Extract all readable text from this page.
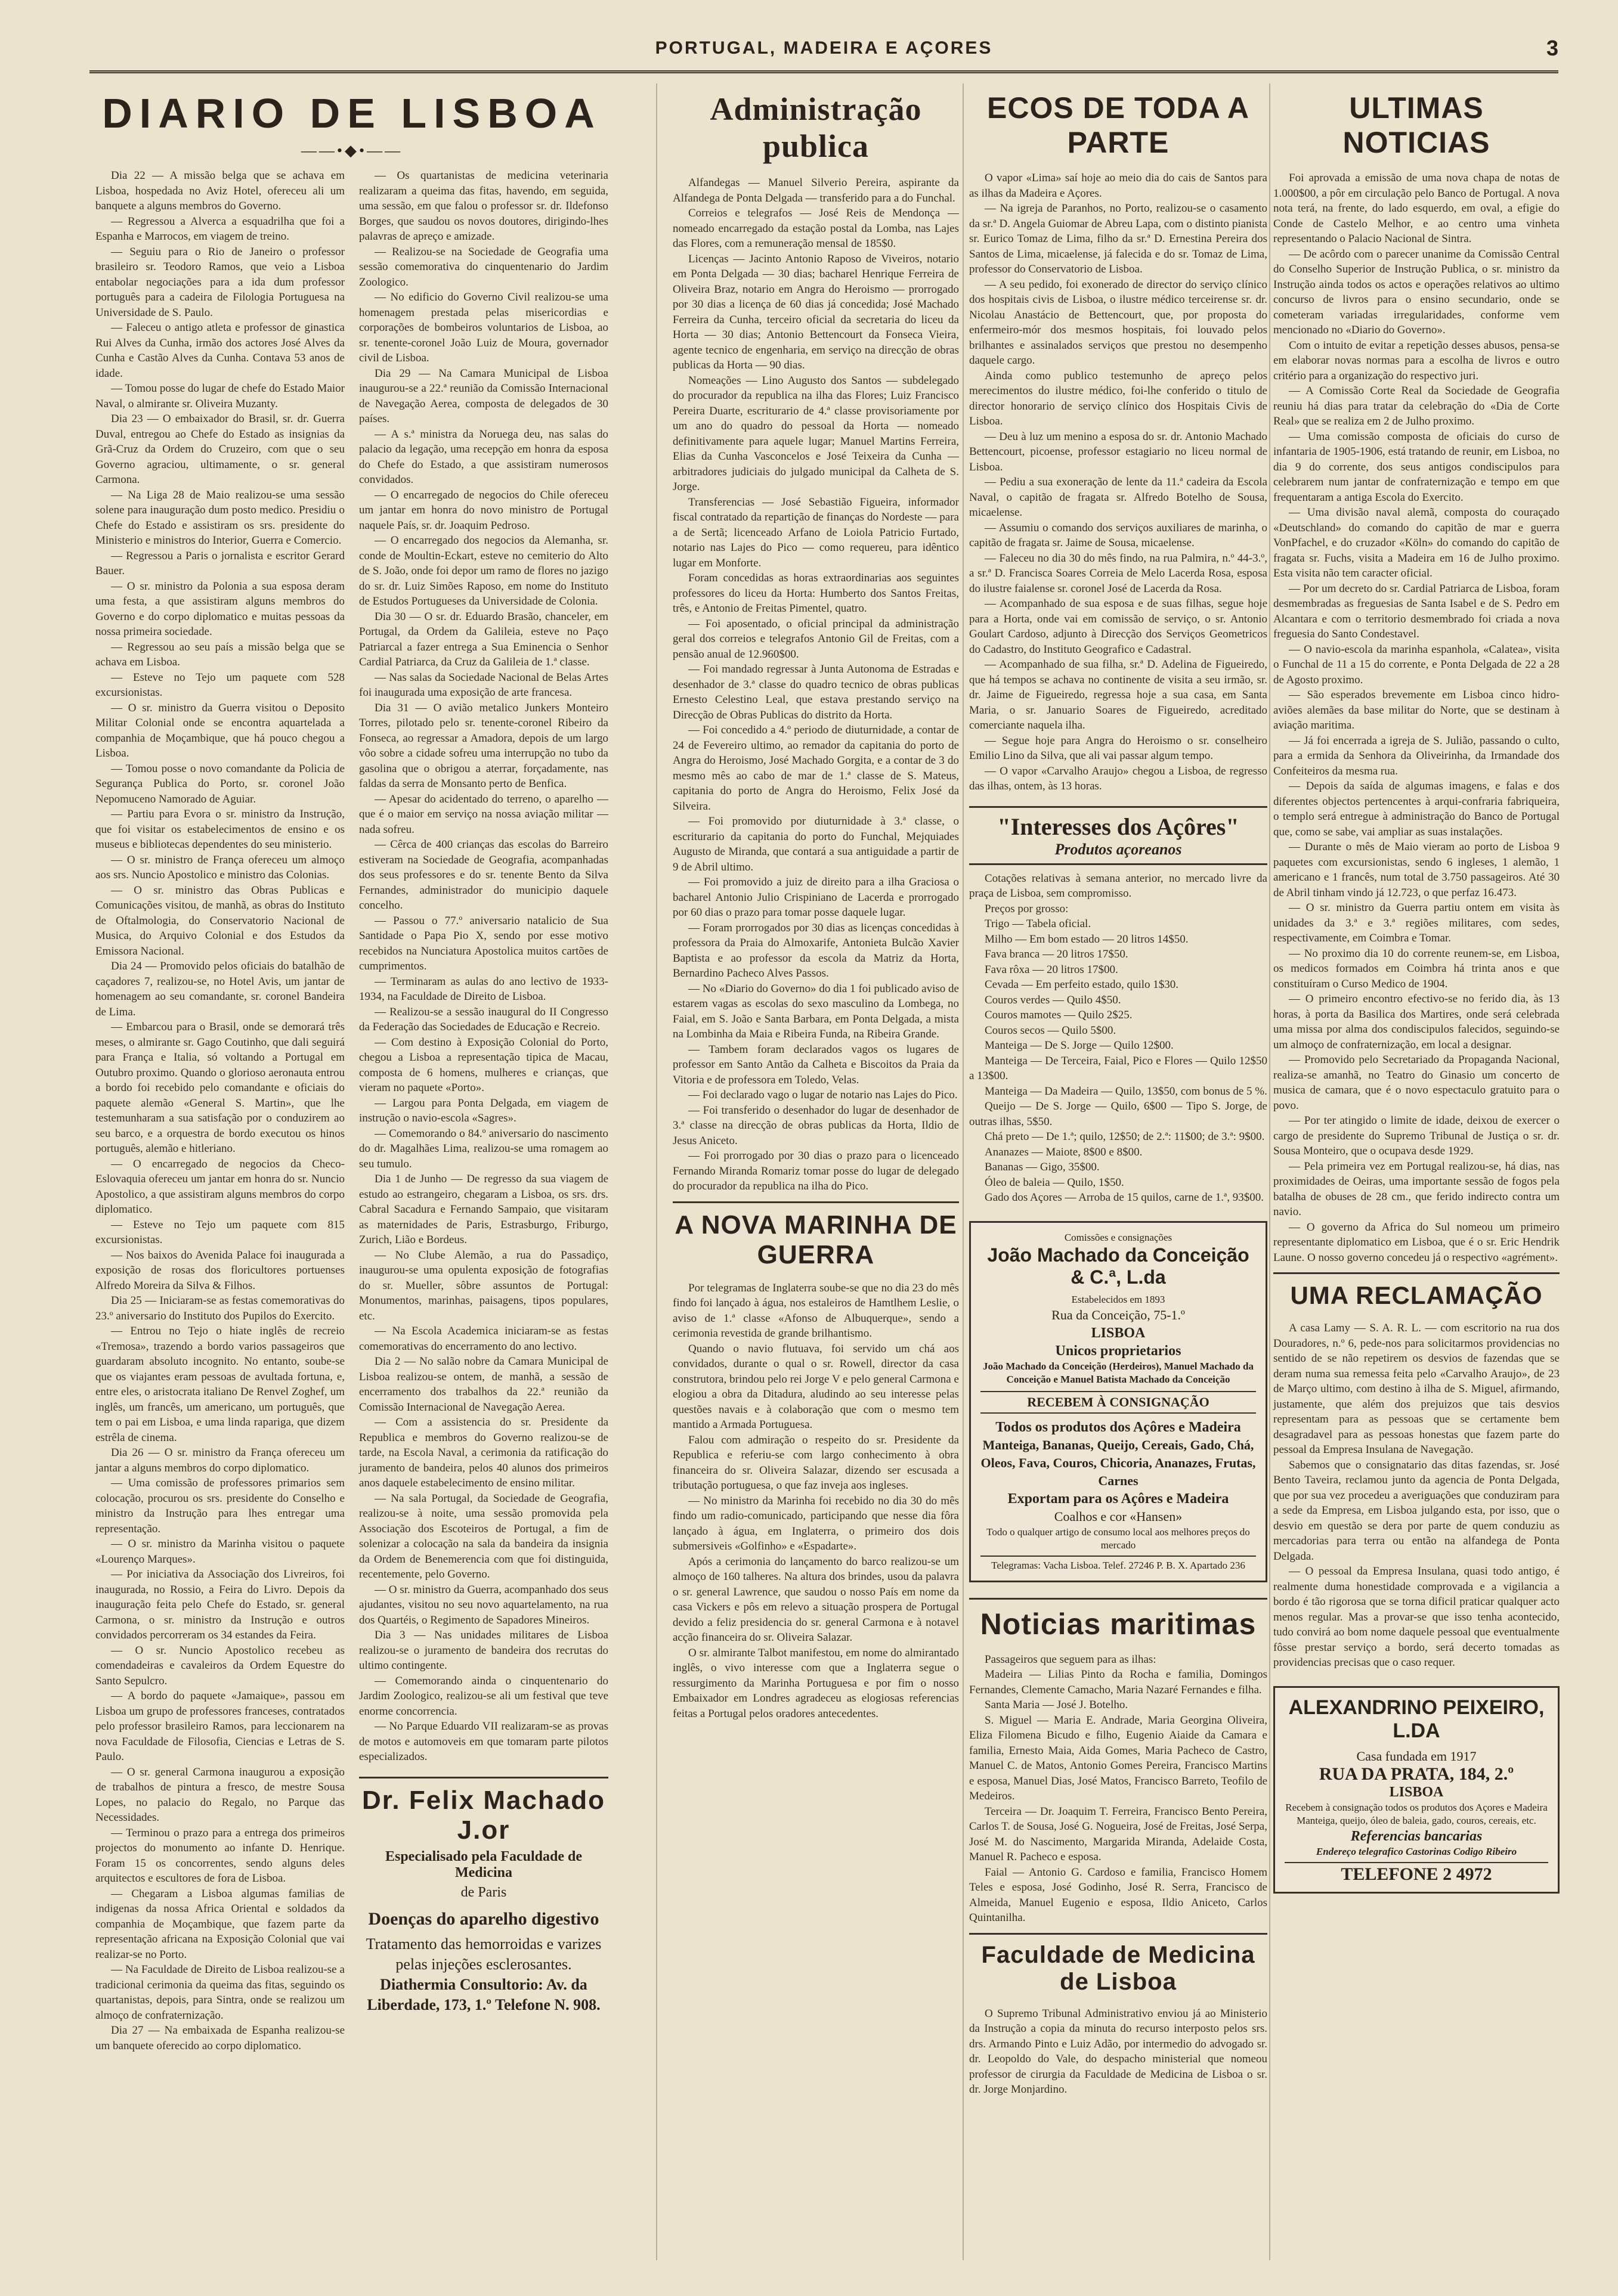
PORTUGAL, MADEIRA E AÇORES	3
DIARIO DE LISBOA
——•◆•——

Dia 22 — A missão belga que se achava em Lisboa, hospedada no Aviz Hotel, ofereceu ali um banquete a alguns membros do Governo.

— Regressou a Alverca a esquadrilha que foi a Espanha e Marrocos, em viagem de treino.

— Seguiu para o Rio de Janeiro o professor brasileiro sr. Teodoro Ramos, que veio a Lisboa entabolar negociações para a ida dum professor português para a cadeira de Filologia Portuguesa na Universidade de S. Paulo.

— Faleceu o antigo atleta e professor de ginastica Rui Alves da Cunha, irmão dos actores José Alves da Cunha e Castão Alves da Cunha. Contava 53 anos de idade.

— Tomou posse do lugar de chefe do Estado Maior Naval, o almirante sr. Oliveira Muzanty.

Dia 23 — O embaixador do Brasil, sr. dr. Guerra Duval, entregou ao Chefe do Estado as insignias da Grã-Cruz da Ordem do Cruzeiro, com que o seu Governo agraciou, ultimamente, o sr. general Carmona.

— Na Liga 28 de Maio realizou-se uma sessão solene para inauguração dum posto medico. Presidiu o Chefe do Estado e assistiram os srs. presidente do Ministerio e ministros do Interior, Guerra e Comercio.

— Regressou a Paris o jornalista e escritor Gerard Bauer.

— O sr. ministro da Polonia a sua esposa deram uma festa, a que assistiram alguns membros do Governo e do corpo diplomatico e muitas pessoas da nossa primeira sociedade.

— Regressou ao seu país a missão belga que se achava em Lisboa.

— Esteve no Tejo um paquete com 528 excursionistas.

— O sr. ministro da Guerra visitou o Deposito Militar Colonial onde se encontra aquartelada a companhia de Moçambique, que há pouco chegou a Lisboa.

— Tomou posse o novo comandante da Policia de Segurança Publica do Porto, sr. coronel João Nepomuceno Namorado de Aguiar.

— Partiu para Evora o sr. ministro da Instrução, que foi visitar os estabelecimentos de ensino e os museus e bibliotecas dependentes do seu ministerio.

— O sr. ministro de França ofereceu um almoço aos srs. Nuncio Apostolico e ministro das Colonias.

— O sr. ministro das Obras Publicas e Comunicações visitou, de manhã, as obras do Instituto de Oftalmologia, do Conservatorio Nacional de Musica, do Arquivo Colonial e dos Estudos da Emissora Nacional.

Dia 24 — Promovido pelos oficiais do batalhão de caçadores 7, realizou-se, no Hotel Avis, um jantar de homenagem ao seu comandante, sr. coronel Bandeira de Lima.

— Embarcou para o Brasil, onde se demorará três meses, o almirante sr. Gago Coutinho, que dali seguirá para França e Italia, só voltando a Portugal em Outubro proximo. Quando o glorioso aeronauta entrou a bordo foi recebido pelo comandante e oficiais do paquete alemão «General S. Martin», que lhe testemunharam a sua satisfação por o conduzirem ao seu barco, e a orquestra de bordo executou os hinos português, alemão e hitleriano.

— O encarregado de negocios da Checo-Eslovaquia ofereceu um jantar em honra do sr. Nuncio Apostolico, a que assistiram alguns membros do corpo diplomatico.

— Esteve no Tejo um paquete com 815 excursionistas.

— Nos baixos do Avenida Palace foi inaugurada a exposição de rosas dos floricultores portuenses Alfredo Moreira da Silva & Filhos.

Dia 25 — Iniciaram-se as festas comemorativas do 23.º aniversario do Instituto dos Pupilos do Exercito.

— Entrou no Tejo o hiate inglês de recreio «Tremosa», trazendo a bordo varios passageiros que guardaram absoluto incognito. No entanto, soube-se que os viajantes eram pessoas de avultada fortuna, e, entre eles, o aristocrata italiano De Renvel Zoghef, um inglês, um francês, um americano, um português, que tem o pai em Lisboa, e uma linda rapariga, que dizem estrêla de cinema.

Dia 26 — O sr. ministro da França ofereceu um jantar a alguns membros do corpo diplomatico.

— Uma comissão de professores primarios sem colocação, procurou os srs. presidente do Conselho e ministro da Instrução para lhes entregar uma representação.

— O sr. ministro da Marinha visitou o paquete «Lourenço Marques».

— Por iniciativa da Associação dos Livreiros, foi inaugurada, no Rossio, a Feira do Livro. Depois da inauguração feita pelo Chefe do Estado, sr. general Carmona, o sr. ministro da Instrução e outros convidados percorreram os 34 estandes da Feira.

— O sr. Nuncio Apostolico recebeu as comendadeiras e cavaleiros da Ordem Equestre do Santo Sepulcro.

— A bordo do paquete «Jamaique», passou em Lisboa um grupo de professores franceses, contratados pelo professor brasileiro Ramos, para leccionarem na nova Faculdade de Filosofia, Ciencias e Letras de S. Paulo.

— O sr. general Carmona inaugurou a exposição de trabalhos de pintura a fresco, de mestre Sousa Lopes, no palacio do Regalo, no Parque das Necessidades.

— Terminou o prazo para a entrega dos primeiros projectos do monumento ao infante D. Henrique. Foram 15 os concorrentes, sendo alguns deles arquitectos e escultores de fora de Lisboa.

— Chegaram a Lisboa algumas familias de indigenas da nossa Africa Oriental e soldados da companhia de Moçambique, que fazem parte da representação africana na Exposição Colonial que vai realizar-se no Porto.

— Na Faculdade de Direito de Lisboa realizou-se a tradicional cerimonia da queima das fitas, seguindo os quartanistas, depois, para Sintra, onde se realizou um almoço de confraternização.

Dia 27 — Na embaixada de Espanha realizou-se um banquete oferecido ao corpo diplomatico.

— Os quartanistas de medicina veterinaria realizaram a queima das fitas, havendo, em seguida, uma sessão, em que falou o professor sr. dr. Ildefonso Borges, que saudou os novos doutores, dirigindo-lhes palavras de apreço e amizade.

— Realizou-se na Sociedade de Geografia uma sessão comemorativa do cinquentenario do Jardim Zoologico.

— No edificio do Governo Civil realizou-se uma homenagem prestada pelas misericordias e corporações de bombeiros voluntarios de Lisboa, ao sr. tenente-coronel João Luiz de Moura, governador civil de Lisboa.

Dia 29 — Na Camara Municipal de Lisboa inaugurou-se a 22.ª reunião da Comissão Internacional de Navegação Aerea, composta de delegados de 30 países.

— A s.ª ministra da Noruega deu, nas salas do palacio da legação, uma recepção em honra da esposa do Chefe do Estado, a que assistiram numerosos convidados.

— O encarregado de negocios do Chile ofereceu um jantar em honra do novo ministro de Portugal naquele País, sr. dr. Joaquim Pedroso.

— O encarregado dos negocios da Alemanha, sr. conde de Moultin-Eckart, esteve no cemiterio do Alto de S. João, onde foi depor um ramo de flores no jazigo do sr. dr. Luiz Simões Raposo, em nome do Instituto de Estudos Portugueses da Universidade de Colonia.

Dia 30 — O sr. dr. Eduardo Brasão, chanceler, em Portugal, da Ordem da Galileia, esteve no Paço Patriarcal a fazer entrega a Sua Eminencia o Senhor Cardial Patriarca, da Cruz da Galileia de 1.ª classe.

— Nas salas da Sociedade Nacional de Belas Artes foi inaugurada uma exposição de arte francesa.

Dia 31 — O avião metalico Junkers Monteiro Torres, pilotado pelo sr. tenente-coronel Ribeiro da Fonseca, ao regressar a Amadora, depois de um largo vôo sobre a cidade sofreu uma interrupção no tubo da gasolina que o obrigou a aterrar, forçadamente, nas faldas da serra de Monsanto perto de Benfica.

— Apesar do acidentado do terreno, o aparelho — que é o maior em serviço na nossa aviação militar — nada sofreu.

— Cêrca de 400 crianças das escolas do Barreiro estiveram na Sociedade de Geografia, acompanhadas dos seus professores e do sr. tenente Bento da Silva Fernandes, administrador do municipio daquele concelho.

— Passou o 77.º aniversario natalicio de Sua Santidade o Papa Pio X, sendo por esse motivo recebidos na Nunciatura Apostolica muitos cartões de cumprimentos.

— Terminaram as aulas do ano lectivo de 1933-1934, na Faculdade de Direito de Lisboa.

— Realizou-se a sessão inaugural do II Congresso da Federação das Sociedades de Educação e Recreio.

— Com destino à Exposição Colonial do Porto, chegou a Lisboa a representação tipica de Macau, composta de 6 homens, mulheres e crianças, que vieram no paquete «Porto».

— Largou para Ponta Delgada, em viagem de instrução o navio-escola «Sagres».

— Comemorando o 84.º aniversario do nascimento do dr. Magalhães Lima, realizou-se uma romagem ao seu tumulo.

Dia 1 de Junho — De regresso da sua viagem de estudo ao estrangeiro, chegaram a Lisboa, os srs. drs. Cabral Sacadura e Fernando Sampaio, que visitaram as maternidades de Paris, Estrasburgo, Friburgo, Zurich, Lião e Bordeus.

— No Clube Alemão, a rua do Passadiço, inaugurou-se uma opulenta exposição de fotografias do sr. Mueller, sôbre assuntos de Portugal: Monumentos, marinhas, paisagens, tipos populares, etc.

— Na Escola Academica iniciaram-se as festas comemorativas do encerramento do ano lectivo.

Dia 2 — No salão nobre da Camara Municipal de Lisboa realizou-se ontem, de manhã, a sessão de encerramento dos trabalhos da 22.ª reunião da Comissão Internacional de Navegação Aerea.

— Com a assistencia do sr. Presidente da Republica e membros do Governo realizou-se de tarde, na Escola Naval, a cerimonia da ratificação do juramento de bandeira, pelos 40 alunos dos primeiros anos daquele estabelecimento de ensino militar.

— Na sala Portugal, da Sociedade de Geografia, realizou-se à noite, uma sessão promovida pela Associação dos Escoteiros de Portugal, a fim de solenizar a colocação na sala da bandeira da insignia da Ordem de Benemerencia com que foi distinguida, recentemente, pelo Governo.

— O sr. ministro da Guerra, acompanhado dos seus ajudantes, visitou no seu novo aquartelamento, na rua dos Quartéis, o Regimento de Sapadores Mineiros.

Dia 3 — Nas unidades militares de Lisboa realizou-se o juramento de bandeira dos recrutas do ultimo contingente.

— Comemorando ainda o cinquentenario do Jardim Zoologico, realizou-se ali um festival que teve enorme concorrencia.

— No Parque Eduardo VII realizaram-se as provas de motos e automoveis em que tomaram parte pilotos especializados.

Dr. Felix Machado J.or
Especialisado pela Faculdade de Medicina
de Paris
Doenças do aparelho digestivo
Tratamento das hemorroidas e varizes pelas injeções esclerosantes.
Diathermia Consultorio: Av. da Liberdade, 173, 1.º Telefone N. 908.
Administração publica

Alfandegas — Manuel Silverio Pereira, aspirante da Alfandega de Ponta Delgada — transferido para a do Funchal.

Correios e telegrafos — José Reis de Mendonça — nomeado encarregado da estação postal da Lomba, nas Lajes das Flores, com a remuneração mensal de 185$0.

Licenças — Jacinto Antonio Raposo de Viveiros, notario em Ponta Delgada — 30 dias; bacharel Henrique Ferreira de Oliveira Braz, notario em Angra do Heroismo — prorrogado por 30 dias a licença de 60 dias já concedida; José Machado Ferreira da Cunha, terceiro oficial da secretaria do liceu da Horta — 30 dias; Antonio Bettencourt da Fonseca Vieira, agente tecnico de engenharia, em serviço na direcção de obras publicas da Horta — 90 dias.

Nomeações — Lino Augusto dos Santos — subdelegado do procurador da republica na ilha das Flores; Luiz Francisco Pereira Duarte, escriturario de 4.ª classe provisoriamente por um ano do quadro do pessoal da Horta — nomeado definitivamente para aquele lugar; Manuel Martins Ferreira, Elias da Cunha Vasconcelos e José Teixeira da Cunha — arbitradores judiciais do julgado municipal da Calheta de S. Jorge.

Transferencias — José Sebastião Figueira, informador fiscal contratado da repartição de finanças do Nordeste — para a de Sertã; licenceado Arfano de Loiola Patricio Furtado, notario nas Lajes do Pico — como requereu, para idêntico lugar em Monforte.

Foram concedidas as horas extraordinarias aos seguintes professores do liceu da Horta: Humberto dos Santos Freitas, três, e Antonio de Freitas Pimentel, quatro.

— Foi aposentado, o oficial principal da administração geral dos correios e telegrafos Antonio Gil de Freitas, com a pensão anual de 12.960$00.

— Foi mandado regressar à Junta Autonoma de Estradas e desenhador de 3.ª classe do quadro tecnico de obras publicas Ernesto Celestino Leal, que estava prestando serviço na Direcção de Obras Publicas do distrito da Horta.

— Foi concedido a 4.º periodo de diuturnidade, a contar de 24 de Fevereiro ultimo, ao remador da capitania do porto de Angra do Heroismo, José Machado Gorgita, e a contar de 3 do mesmo mês ao cabo de mar de 1.ª classe de S. Mateus, capitania do porto de Angra do Heroismo, Felix José da Silveira.

— Foi promovido por diuturnidade à 3.ª classe, o escriturario da capitania do porto do Funchal, Mejquiades Augusto de Miranda, que contará a sua antiguidade a partir de 9 de Abril ultimo.

— Foi promovido a juiz de direito para a ilha Graciosa o bacharel Antonio Julio Crispiniano de Lacerda e prorrogado por 60 dias o prazo para tomar posse daquele lugar.

— Foram prorrogados por 30 dias as licenças concedidas à professora da Praia do Almoxarife, Antonieta Bulcão Xavier Baptista e ao professor da escola da Matriz da Horta, Bernardino Pacheco Alves Passos.

— No «Diario do Governo» do dia 1 foi publicado aviso de estarem vagas as escolas do sexo masculino da Lombega, no Faial, em S. João e Santa Barbara, em Ponta Delgada, a mista na Lombinha da Maia e Ribeira Funda, na Ribeira Grande.

— Tambem foram declarados vagos os lugares de professor em Santo Antão da Calheta e Biscoitos da Praia da Vitoria e de professora em Toledo, Velas.

— Foi declarado vago o lugar de notario nas Lajes do Pico.

— Foi transferido o desenhador do lugar de desenhador de 3.ª classe na direcção de obras publicas da Horta, Ildio de Jesus Aniceto.

— Foi prorrogado por 30 dias o prazo para o licenceado Fernando Miranda Romariz tomar posse do lugar de delegado do procurador da republica na ilha do Pico.

A NOVA MARINHA DE GUERRA

Por telegramas de Inglaterra soube-se que no dia 23 do mês findo foi lançado à água, nos estaleiros de Hamtlhem Leslie, o aviso de 1.ª classe «Afonso de Albuquerque», sendo a cerimonia revestida de grande brilhantismo.

Quando o navio flutuava, foi servido um chá aos convidados, durante o qual o sr. Rowell, director da casa construtora, brindou pelo rei Jorge V e pelo general Carmona e elogiou a obra da Ditadura, aludindo ao seu interesse pelas questões navais e à colaboração que com o mesmo tem mantido a Armada Portuguesa.

Falou com admiração o respeito do sr. Presidente da Republica e referiu-se com largo conhecimento à obra financeira do sr. Oliveira Salazar, dizendo ser escusada a tributação portuguesa, o que faz inveja aos ingleses.

— No ministro da Marinha foi recebido no dia 30 do mês findo um radio-comunicado, participando que nesse dia fôra lançado à água, em Inglaterra, o primeiro dos dois submersiveis «Golfinho» e «Espadarte».

Após a cerimonia do lançamento do barco realizou-se um almoço de 160 talheres. Na altura dos brindes, usou da palavra o sr. general Lawrence, que saudou o nosso País em nome da casa Vickers e pôs em relevo a situação prospera de Portugal devido a feliz presidencia do sr. general Carmona e à notavel acção financeira do sr. Oliveira Salazar.

O sr. almirante Talbot manifestou, em nome do almirantado inglês, o vivo interesse com que a Inglaterra segue o ressurgimento da Marinha Portuguesa e por fim o nosso Embaixador em Londres agradeceu as elogiosas referencias feitas a Portugal pelos oradores antecedentes.

ECOS DE TODA A PARTE

O vapor «Lima» saí hoje ao meio dia do cais de Santos para as ilhas da Madeira e Açores.

— Na igreja de Paranhos, no Porto, realizou-se o casamento da sr.ª D. Angela Guiomar de Abreu Lapa, com o distinto pianista sr. Eurico Tomaz de Lima, filho da sr.ª D. Ernestina Pereira dos Santos de Lima, micaelense, já falecida e do sr. Tomaz de Lima, professor do Conservatorio de Lisboa.

— A seu pedido, foi exonerado de director do serviço clínico dos hospitais civis de Lisboa, o ilustre médico terceirense sr. dr. Nicolau Anastácio de Bettencourt, que, por proposta do enfermeiro-mór dos mesmos hospitais, foi louvado pelos brilhantes e assinalados serviços que prestou no desempenho daquele cargo.

Ainda como publico testemunho de apreço pelos merecimentos do ilustre médico, foi-lhe conferido o titulo de director honorario de serviço clínico dos Hospitais Civis de Lisboa.

— Deu à luz um menino a esposa do sr. dr. Antonio Machado Bettencourt, picoense, professor estagiario no liceu normal de Lisboa.

— Pediu a sua exoneração de lente da 11.ª cadeira da Escola Naval, o capitão de fragata sr. Alfredo Botelho de Sousa, micaelense.

— Assumiu o comando dos serviços auxiliares de marinha, o capitão de fragata sr. Jaime de Sousa, micaelense.

— Faleceu no dia 30 do mês findo, na rua Palmira, n.º 44-3.º, a sr.ª D. Francisca Soares Correia de Melo Lacerda Rosa, esposa do ilustre faialense sr. coronel José de Lacerda da Rosa.

— Acompanhado de sua esposa e de suas filhas, segue hoje para a Horta, onde vai em comissão de serviço, o sr. Antonio Goulart Cardoso, adjunto à Direcção dos Serviços Geometricos do Cadastro, do Instituto Geografico e Cadastral.

— Acompanhado de sua filha, sr.ª D. Adelina de Figueiredo, que há tempos se achava no continente de visita a seu irmão, sr. dr. Jaime de Figueiredo, regressa hoje a sua casa, em Santa Maria, o sr. Januario Soares de Figueiredo, acreditado comerciante naquela ilha.

— Segue hoje para Angra do Heroismo o sr. conselheiro Emilio Lino da Silva, que ali vai passar algum tempo.

— O vapor «Carvalho Araujo» chegou a Lisboa, de regresso das ilhas, ontem, às 13 horas.

"Interesses dos Açôres"
Produtos açoreanos

Cotações relativas à semana anterior, no mercado livre da praça de Lisboa, sem compromisso.

Preços por grosso:

Trigo — Tabela oficial.

Milho — Em bom estado — 20 litros 14$50.

Fava branca — 20 litros 17$50.

Fava rôxa — 20 litros 17$00.

Cevada — Em perfeito estado, quilo 1$30.

Couros verdes — Quilo 4$50.

Couros mamotes — Quilo 2$25.

Couros secos — Quilo 5$00.

Manteiga — De S. Jorge — Quilo 12$00.

Manteiga — De Terceira, Faial, Pico e Flores — Quilo 12$50 a 13$00.

Manteiga — Da Madeira — Quilo, 13$50, com bonus de 5 %.

Queijo — De S. Jorge — Quilo, 6$00 — Tipo S. Jorge, de outras ilhas, 5$50.

Chá preto — De 1.ª; quilo, 12$50; de 2.ª: 11$00; de 3.ª: 9$00.

Ananazes — Maiote, 8$00 e 8$00.

Bananas — Gigo, 35$00.

Óleo de baleia — Quilo, 1$50.

Gado dos Açores — Arroba de 15 quilos, carne de 1.ª, 93$00.

Comissões e consignações
João Machado da Conceição & C.ª, L.da
Estabelecidos em 1893
Rua da Conceição, 75-1.º
LISBOA
Unicos proprietarios
João Machado da Conceição (Herdeiros), Manuel Machado da Conceição e Manuel Batista Machado da Conceição
RECEBEM À CONSIGNAÇÃO
Todos os produtos dos Açôres e Madeira
Manteiga, Bananas, Queijo, Cereais, Gado, Chá, Oleos, Fava, Couros, Chicoria, Ananazes, Frutas, Carnes
Exportam para os Açôres e Madeira
Coalhos e cor «Hansen»
Todo o qualquer artigo de consumo local aos melhores preços do mercado
Telegramas: Vacha Lisboa. Telef. 27246 P. B. X. Apartado 236
Noticias maritimas

Passageiros que seguem para as ilhas:

Madeira — Lilias Pinto da Rocha e familia, Domingos Fernandes, Clemente Camacho, Maria Nazaré Fernandes e filha.

Santa Maria — José J. Botelho.

S. Miguel — Maria E. Andrade, Maria Georgina Oliveira, Eliza Filomena Bicudo e filho, Eugenio Aiaide da Camara e familia, Ernesto Maia, Aida Gomes, Maria Pacheco de Castro, Manuel C. de Matos, Antonio Gomes Pereira, Francisco Martins e esposa, Manuel Dias, José Matos, Francisco Barreto, Teofilo de Medeiros.

Terceira — Dr. Joaquim T. Ferreira, Francisco Bento Pereira, Carlos T. de Sousa, José G. Nogueira, José de Freitas, José Serpa, José M. do Nascimento, Margarida Miranda, Adelaide Costa, Manuel R. Pacheco e esposa.

Faial — Antonio G. Cardoso e familia, Francisco Homem Teles e esposa, José Godinho, José R. Serra, Francisco de Almeida, Manuel Eugenio e esposa, Ildio Aniceto, Carlos Quintanilha.

Faculdade de Medicina de Lisboa

O Supremo Tribunal Administrativo enviou já ao Ministerio da Instrução a copia da minuta do recurso interposto pelos srs. drs. Armando Pinto e Luiz Adão, por intermedio do advogado sr. dr. Leopoldo do Vale, do despacho ministerial que nomeou professor de cirurgia da Faculdade de Medicina de Lisboa o sr. dr. Jorge Monjardino.

ULTIMAS NOTICIAS

Foi aprovada a emissão de uma nova chapa de notas de 1.000$00, a pôr em circulação pelo Banco de Portugal. A nova nota terá, na frente, do lado esquerdo, em oval, a efigie do Conde de Castelo Melhor, e ao centro uma vinheta representando o Palacio Nacional de Sintra.

— De acôrdo com o parecer unanime da Comissão Central do Conselho Superior de Instrução Publica, o sr. ministro da Instrução ainda todos os actos e operações relativos ao ultimo concurso de livros para o ensino secundario, onde se cometeram variadas irregularidades, conforme vem mencionado no «Diario do Governo».

Com o intuito de evitar a repetição desses abusos, pensa-se em elaborar novas normas para a escolha de livros e outro critério para a organização do respectivo juri.

— A Comissão Corte Real da Sociedade de Geografia reuniu há dias para tratar da celebração do «Dia de Corte Real» que se realiza em 2 de Julho proximo.

— Uma comissão composta de oficiais do curso de infantaria de 1905-1906, está tratando de reunir, em Lisboa, no dia 9 do corrente, dos seus antigos condiscipulos para celebrarem num jantar de confraternização e tempo em que frequentaram a antiga Escola do Exercito.

— Uma divisão naval alemã, composta do couraçado «Deutschland» do comando do capitão de mar e guerra VonPfachel, e do cruzador «Köln» do comando do capitão de fragata sr. Fuchs, visita a Madeira em 16 de Julho proximo. Esta visita não tem caracter oficial.

— Por um decreto do sr. Cardial Patriarca de Lisboa, foram desmembradas as freguesias de Santa Isabel e de S. Pedro em Alcantara e com o territorio desmembrado foi criada a nova freguesia do Santo Condestavel.

— O navio-escola da marinha espanhola, «Calatea», visita o Funchal de 11 a 15 do corrente, e Ponta Delgada de 22 a 28 de Agosto proximo.

— São esperados brevemente em Lisboa cinco hidro-aviões alemães da base militar do Norte, que se destinam à aviação maritima.

— Já foi encerrada a igreja de S. Julião, passando o culto, para a ermida da Senhora da Oliveirinha, da Irmandade dos Confeiteiros da mesma rua.

— Depois da saída de algumas imagens, e falas e dos diferentes objectos pertencentes à arqui-confraria fabriqueira, o templo será entregue à administração do Banco de Portugal que, como se sabe, vai ampliar as suas instalações.

— Durante o mês de Maio vieram ao porto de Lisboa 9 paquetes com excursionistas, sendo 6 ingleses, 1 alemão, 1 americano e 1 francês, num total de 3.750 passageiros. Até 30 de Abril tinham vindo já 12.723, o que perfaz 16.473.

— O sr. ministro da Guerra partiu ontem em visita às unidades da 3.ª e 3.ª regiões militares, com sedes, respectivamente, em Coimbra e Tomar.

— No proximo dia 10 do corrente reunem-se, em Lisboa, os medicos formados em Coimbra há trinta anos e que constituíram o Curso Medico de 1904.

— O primeiro encontro efectivo-se no ferido dia, às 13 horas, à porta da Basilica dos Martires, onde será celebrada uma missa por alma dos condiscipulos falecidos, seguindo-se um almoço de confraternização, em local a designar.

— Promovido pelo Secretariado da Propaganda Nacional, realiza-se amanhã, no Teatro do Ginasio um concerto de musica de camara, que é o novo espectaculo gratuito para o povo.

— Por ter atingido o limite de idade, deixou de exercer o cargo de presidente do Supremo Tribunal de Justiça o sr. dr. Sousa Monteiro, que o ocupava desde 1929.

— Pela primeira vez em Portugal realizou-se, há dias, nas proximidades de Oeiras, uma importante sessão de fogos pela batalha de obuses de 28 cm., que ferido indirecto contra um navio.

— O governo da Africa do Sul nomeou um primeiro representante diplomatico em Lisboa, que é o sr. Eric Hendrik Laune. O nosso governo concedeu já o respectivo «agrément».

UMA RECLAMAÇÃO

A casa Lamy — S. A. R. L. — com escritorio na rua dos Douradores, n.º 6, pede-nos para solicitarmos providencias no sentido de se não repetirem os desvios de fazendas que se deram numa sua remessa feita pelo «Carvalho Araujo», de 23 de Março ultimo, com destino à ilha de S. Miguel, afirmando, justamente, que além dos prejuizos que tais desvios representam para as pessoas que se certamente bem desagradavel para as pessoas honestas que fazem parte do pessoal da Empresa Insulana de Navegação.

Sabemos que o consignatario das ditas fazendas, sr. José Bento Taveira, reclamou junto da agencia de Ponta Delgada, que por sua vez procedeu a averiguações que conduziram para a sede da Empresa, em Lisboa julgando esta, por isso, que o desvio em questão se dera por parte de quem conduziu as mercadorias para terra ou então na alfandega de Ponta Delgada.

— O pessoal da Empresa Insulana, quasi todo antigo, é realmente duma honestidade comprovada e a vigilancia a bordo é tão rigorosa que se torna dificil praticar qualquer acto menos regular. Mas a provar-se que isso tenha acontecido, tudo convirá ao bom nome daquele pessoal que eventualmente fôsse prestar serviço a bordo, será decerto tomadas as providencias precisas que o caso requer.

ALEXANDRINO PEIXEIRO, L.DA
Casa fundada em 1917
RUA DA PRATA, 184, 2.º
LISBOA
Recebem à consignação todos os produtos dos Açores e Madeira
Manteiga, queijo, óleo de baleia, gado, couros, cereais, etc.
Referencias bancarias
Endereço telegrafico Castorinas Codigo Ribeiro
TELEFONE 2 4972
